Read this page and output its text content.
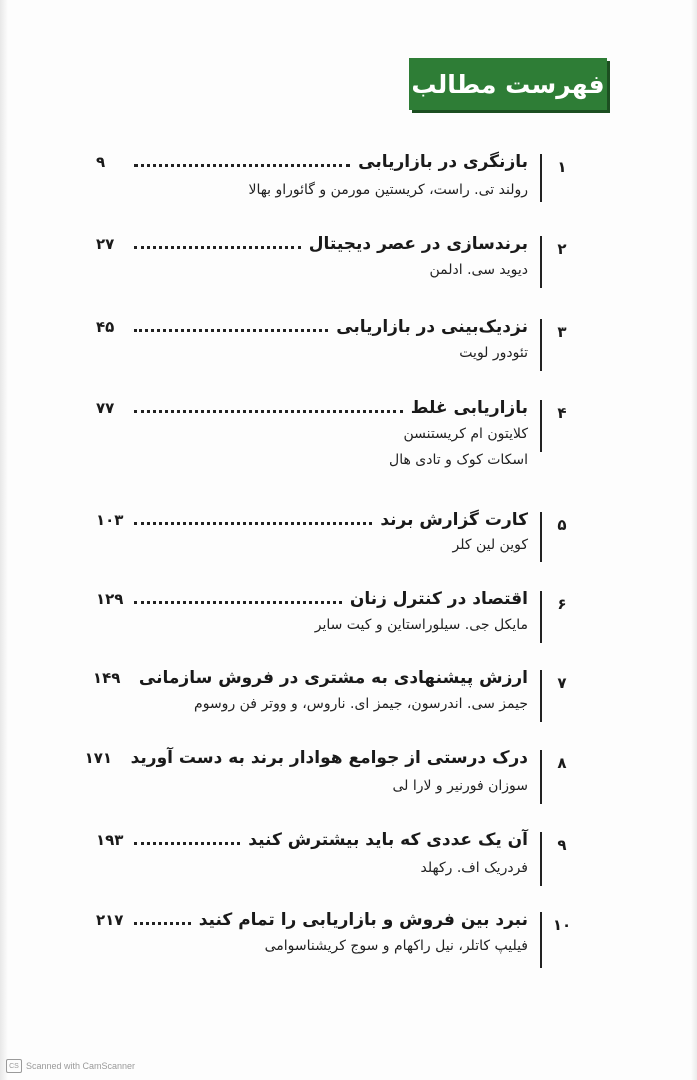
فهرست مطالب
۱
بازنگری در بازاریابی
۹
رولند تی. راست، کریستین مورمن و گائوراو بهالا
۲
برندسازی در عصر دیجیتال
۲۷
دیوید سی. ادلمن
۳
نزدیک‌بینی در بازاریابی
۴۵
تئودور لویت
۴
بازاریابی غلط
۷۷
کلایتون ام کریستنسن
اسکات کوک و تادی هال
۵
کارت گزارش برند
۱۰۳
کوین لین کلر
۶
اقتصاد در کنترل زنان
۱۲۹
مایکل جی. سیلوراستاین و کیت سایر
۷
ارزش پیشنهادی به مشتری در فروش سازمانی
۱۴۹
جیمز سی. اندرسون، جیمز ای. ناروس، و ووتر فن روسوم
۸
درک درستی از جوامع هوادار برند به دست آورید
۱۷۱
سوزان فورنیر و لارا لی
۹
آن یک عددی که باید بیشترش کنید
۱۹۳
فردریک اف. رکهلد
۱۰
نبرد بین فروش و بازاریابی را تمام کنید
۲۱۷
فیلیپ کاتلر، نیل راکهام و سوج کریشناسوامی
CS Scanned with CamScanner
